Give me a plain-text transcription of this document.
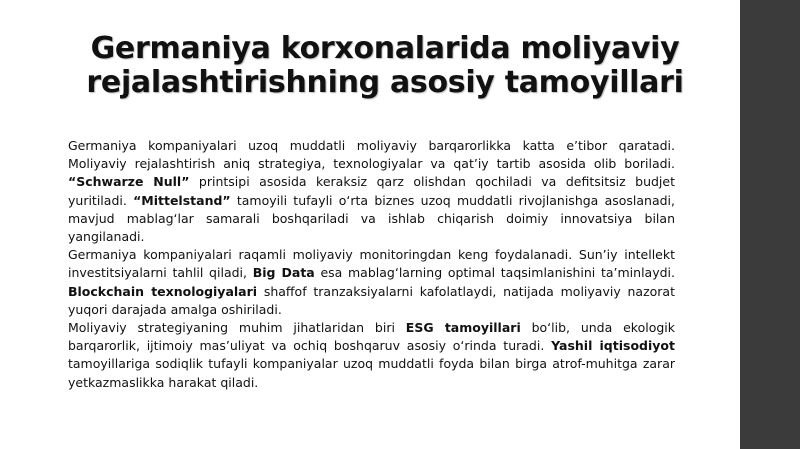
Germaniya korxonalarida moliyaviy
rejalashtirishning asosiy tamoyillari

Germaniya kompaniyalari uzoq muddatli moliyaviy barqarorlikka katta e’tibor qaratadi. Moliyaviy rejalashtirish aniq strategiya, texnologiyalar va qat’iy tartib asosida olib boriladi. “Schwarze Null” printsipi asosida keraksiz qarz olishdan qochiladi va defitsitsiz budjet yuritiladi. “Mittelstand” tamoyili tufayli o‘rta biznes uzoq muddatli rivojlanishga asoslanadi, mavjud mablag‘lar samarali boshqariladi va ishlab chiqarish doimiy innovatsiya bilan yangilanadi.

Germaniya kompaniyalari raqamli moliyaviy monitoringdan keng foydalanadi. Sun’iy intellekt investitsiyalarni tahlil qiladi, Big Data esa mablag‘larning optimal taqsimlanishini ta’minlaydi. Blockchain texnologiyalari shaffof tranzaksiyalarni kafolatlaydi, natijada moliyaviy nazorat yuqori darajada amalga oshiriladi.

Moliyaviy strategiyaning muhim jihatlaridan biri ESG tamoyillari bo‘lib, unda ekologik barqarorlik, ijtimoiy mas’uliyat va ochiq boshqaruv asosiy o‘rinda turadi. Yashil iqtisodiyot tamoyillariga sodiqlik tufayli kompaniyalar uzoq muddatli foyda bilan birga atrof-muhitga zarar yetkazmaslikka harakat qiladi.
